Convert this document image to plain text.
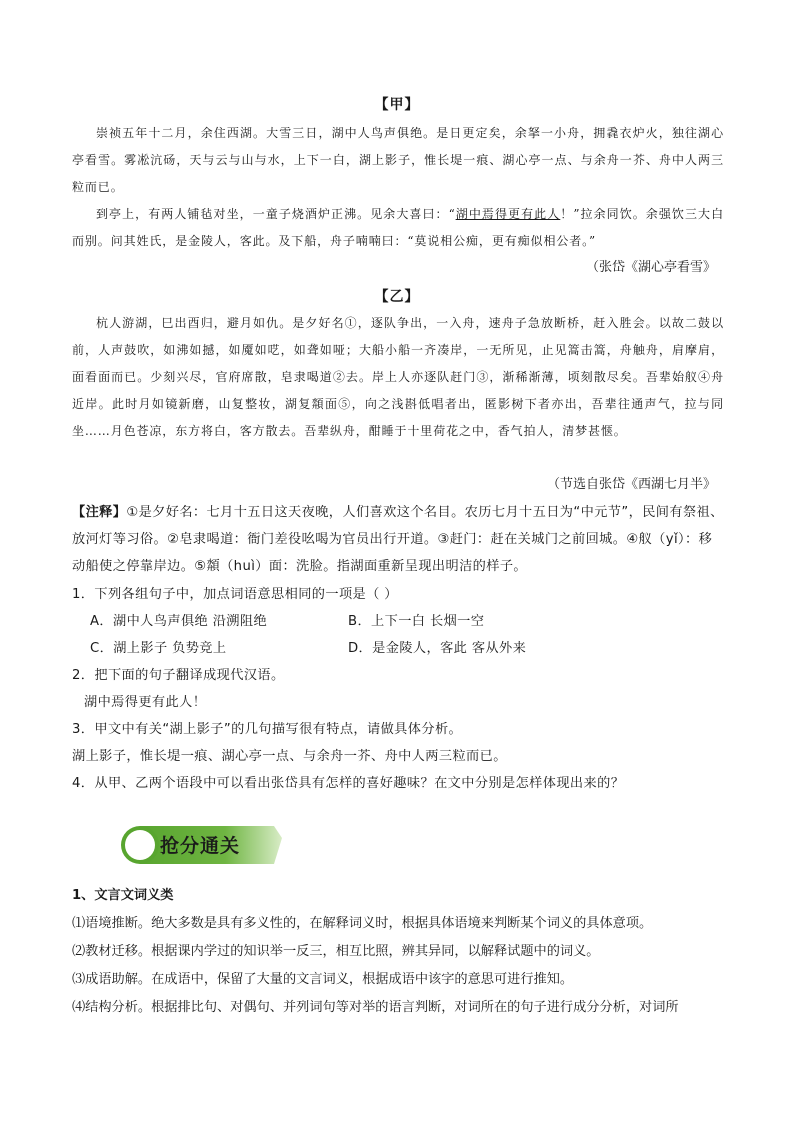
【甲】

崇祯五年十二月，余住西湖。大雪三日，湖中人鸟声俱绝。是日更定矣，余拏一小舟，拥毳衣炉火，独往湖心亭看雪。雾凇沆砀，天与云与山与水，上下一白，湖上影子，惟长堤一痕、湖心亭一点、与余舟一芥、舟中人两三粒而已。

到亭上，有两人铺毡对坐，一童子烧酒炉正沸。见余大喜曰：“湖中焉得更有此人！”拉余同饮。余强饮三大白而别。问其姓氏，是金陵人，客此。及下船，舟子喃喃曰：“莫说相公痴，更有痴似相公者。”

（张岱《湖心亭看雪》
【乙】

杭人游湖，巳出酉归，避月如仇。是夕好名①，逐队争出，一入舟，速舟子急放断桥，赶入胜会。以故二鼓以前，人声鼓吹，如沸如撼，如魇如呓，如聋如哑；大船小船一齐凑岸，一无所见，止见篙击篙，舟触舟，肩摩肩，面看面而已。少刻兴尽，官府席散，皂隶喝道②去。岸上人亦逐队赶门③，渐稀渐薄，顷刻散尽矣。吾辈始舣④舟近岸。此时月如镜新磨，山复整妆，湖复頮面⑤，向之浅斟低唱者出，匿影树下者亦出，吾辈往通声气，拉与同坐……月色苍凉，东方将白，客方散去。吾辈纵舟，酣睡于十里荷花之中，香气拍人，清梦甚惬。

（节选自张岱《西湖七月半》

【注释】①是夕好名：七月十五日这天夜晚，人们喜欢这个名目。农历七月十五日为“中元节”，民间有祭祖、放河灯等习俗。②皂隶喝道：衙门差役吆喝为官员出行开道。③赶门：赶在关城门之前回城。④舣（yǐ）：移动船使之停靠岸边。⑤頮（huì）面：洗脸。指湖面重新呈现出明洁的样子。

1．下列各组句子中，加点词语意思相同的一项是（ ）

A．湖中人鸟声俱绝 沿溯阻绝	B．上下一白 长烟一空
C．湖上影子 负势竞上	D．是金陵人，客此 客从外来

2．把下面的句子翻译成现代汉语。

湖中焉得更有此人！

3．甲文中有关“湖上影子”的几句描写很有特点，请做具体分析。

湖上影子，惟长堤一痕、湖心亭一点、与余舟一芥、舟中人两三粒而已。

4．从甲、乙两个语段中可以看出张岱具有怎样的喜好趣味？在文中分别是怎样体现出来的？

抢分通关

1、文言文词义类

⑴语境推断。绝大多数是具有多义性的，在解释词义时，根据具体语境来判断某个词义的具体意项。

⑵教材迁移。根据课内学过的知识举一反三，相互比照，辨其异同，以解释试题中的词义。

⑶成语助解。在成语中，保留了大量的文言词义，根据成语中该字的意思可进行推知。

⑷结构分析。根据排比句、对偶句、并列词句等对举的语言判断，对词所在的句子进行成分分析，对词所
